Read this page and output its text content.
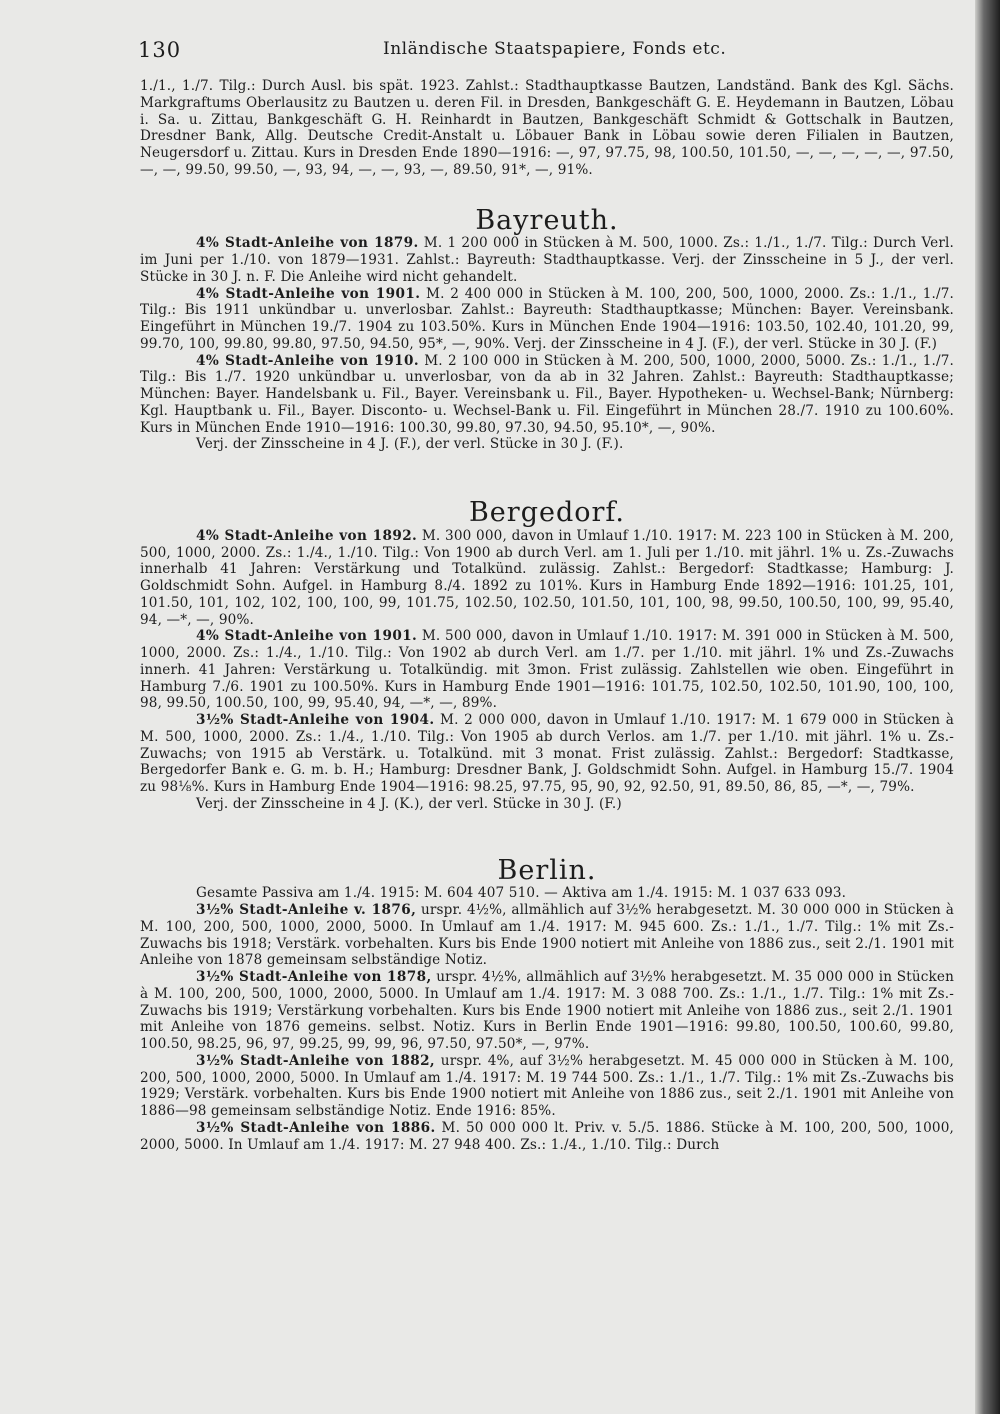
130	Inländische Staatspapiere, Fonds etc.

1./1., 1./7. Tilg.: Durch Ausl. bis spät. 1923. Zahlst.: Stadthauptkasse Bautzen, Landständ. Bank des Kgl. Sächs. Markgraftums Oberlausitz zu Bautzen u. deren Fil. in Dresden, Bankgeschäft G. E. Heydemann in Bautzen, Löbau i. Sa. u. Zittau, Bankgeschäft G. H. Reinhardt in Bautzen, Bankgeschäft Schmidt & Gottschalk in Bautzen, Dresdner Bank, Allg. Deutsche Credit-Anstalt u. Löbauer Bank in Löbau sowie deren Filialen in Bautzen, Neugersdorf u. Zittau. Kurs in Dresden Ende 1890—1916: —, 97, 97.75, 98, 100.50, 101.50, —, —, —, —, —, 97.50, —, —, 99.50, 99.50, —, 93, 94, —, —, 93, —, 89.50, 91*, —, 91%.

Bayreuth.

4% Stadt-Anleihe von 1879. M. 1 200 000 in Stücken à M. 500, 1000. Zs.: 1./1., 1./7. Tilg.: Durch Verl. im Juni per 1./10. von 1879—1931. Zahlst.: Bayreuth: Stadthauptkasse. Verj. der Zinsscheine in 5 J., der verl. Stücke in 30 J. n. F. Die Anleihe wird nicht gehandelt.

4% Stadt-Anleihe von 1901. M. 2 400 000 in Stücken à M. 100, 200, 500, 1000, 2000. Zs.: 1./1., 1./7. Tilg.: Bis 1911 unkündbar u. unverlosbar. Zahlst.: Bayreuth: Stadthauptkasse; München: Bayer. Vereinsbank. Eingeführt in München 19./7. 1904 zu 103.50%. Kurs in München Ende 1904—1916: 103.50, 102.40, 101.20, 99, 99.70, 100, 99.80, 99.80, 97.50, 94.50, 95*, —, 90%. Verj. der Zinsscheine in 4 J. (F.), der verl. Stücke in 30 J. (F.)

4% Stadt-Anleihe von 1910. M. 2 100 000 in Stücken à M. 200, 500, 1000, 2000, 5000. Zs.: 1./1., 1./7. Tilg.: Bis 1./7. 1920 unkündbar u. unverlosbar, von da ab in 32 Jahren. Zahlst.: Bayreuth: Stadthauptkasse; München: Bayer. Handelsbank u. Fil., Bayer. Vereinsbank u. Fil., Bayer. Hypotheken- u. Wechsel-Bank; Nürnberg: Kgl. Hauptbank u. Fil., Bayer. Disconto- u. Wechsel-Bank u. Fil. Eingeführt in München 28./7. 1910 zu 100.60%. Kurs in München Ende 1910—1916: 100.30, 99.80, 97.30, 94.50, 95.10*, —, 90%.

Verj. der Zinsscheine in 4 J. (F.), der verl. Stücke in 30 J. (F.).

Bergedorf.

4% Stadt-Anleihe von 1892. M. 300 000, davon in Umlauf 1./10. 1917: M. 223 100 in Stücken à M. 200, 500, 1000, 2000. Zs.: 1./4., 1./10. Tilg.: Von 1900 ab durch Verl. am 1. Juli per 1./10. mit jährl. 1% u. Zs.-Zuwachs innerhalb 41 Jahren: Verstärkung und Totalkünd. zulässig. Zahlst.: Bergedorf: Stadtkasse; Hamburg: J. Goldschmidt Sohn. Aufgel. in Hamburg 8./4. 1892 zu 101%. Kurs in Hamburg Ende 1892—1916: 101.25, 101, 101.50, 101, 102, 102, 100, 100, 99, 101.75, 102.50, 102.50, 101.50, 101, 100, 98, 99.50, 100.50, 100, 99, 95.40, 94, —*, —, 90%.

4% Stadt-Anleihe von 1901. M. 500 000, davon in Umlauf 1./10. 1917: M. 391 000 in Stücken à M. 500, 1000, 2000. Zs.: 1./4., 1./10. Tilg.: Von 1902 ab durch Verl. am 1./7. per 1./10. mit jährl. 1% und Zs.-Zuwachs innerh. 41 Jahren: Verstärkung u. Totalkündig. mit 3mon. Frist zulässig. Zahlstellen wie oben. Eingeführt in Hamburg 7./6. 1901 zu 100.50%. Kurs in Hamburg Ende 1901—1916: 101.75, 102.50, 102.50, 101.90, 100, 100, 98, 99.50, 100.50, 100, 99, 95.40, 94, —*, —, 89%.

3½% Stadt-Anleihe von 1904. M. 2 000 000, davon in Umlauf 1./10. 1917: M. 1 679 000 in Stücken à M. 500, 1000, 2000. Zs.: 1./4., 1./10. Tilg.: Von 1905 ab durch Verlos. am 1./7. per 1./10. mit jährl. 1% u. Zs.-Zuwachs; von 1915 ab Verstärk. u. Totalkünd. mit 3 monat. Frist zulässig. Zahlst.: Bergedorf: Stadtkasse, Bergedorfer Bank e. G. m. b. H.; Hamburg: Dresdner Bank, J. Goldschmidt Sohn. Aufgel. in Hamburg 15./7. 1904 zu 98⅛%. Kurs in Hamburg Ende 1904—1916: 98.25, 97.75, 95, 90, 92, 92.50, 91, 89.50, 86, 85, —*, —, 79%.

Verj. der Zinsscheine in 4 J. (K.), der verl. Stücke in 30 J. (F.)

Berlin.

Gesamte Passiva am 1./4. 1915: M. 604 407 510. — Aktiva am 1./4. 1915: M. 1 037 633 093.

3½% Stadt-Anleihe v. 1876, urspr. 4½%, allmählich auf 3½% herabgesetzt. M. 30 000 000 in Stücken à M. 100, 200, 500, 1000, 2000, 5000. In Umlauf am 1./4. 1917: M. 945 600. Zs.: 1./1., 1./7. Tilg.: 1% mit Zs.-Zuwachs bis 1918; Verstärk. vorbehalten. Kurs bis Ende 1900 notiert mit Anleihe von 1886 zus., seit 2./1. 1901 mit Anleihe von 1878 gemeinsam selbständige Notiz.

3½% Stadt-Anleihe von 1878, urspr. 4½%, allmählich auf 3½% herabgesetzt. M. 35 000 000 in Stücken à M. 100, 200, 500, 1000, 2000, 5000. In Umlauf am 1./4. 1917: M. 3 088 700. Zs.: 1./1., 1./7. Tilg.: 1% mit Zs.-Zuwachs bis 1919; Verstärkung vorbehalten. Kurs bis Ende 1900 notiert mit Anleihe von 1886 zus., seit 2./1. 1901 mit Anleihe von 1876 gemeins. selbst. Notiz. Kurs in Berlin Ende 1901—1916: 99.80, 100.50, 100.60, 99.80, 100.50, 98.25, 96, 97, 99.25, 99, 99, 96, 97.50, 97.50*, —, 97%.

3½% Stadt-Anleihe von 1882, urspr. 4%, auf 3½% herabgesetzt. M. 45 000 000 in Stücken à M. 100, 200, 500, 1000, 2000, 5000. In Umlauf am 1./4. 1917: M. 19 744 500. Zs.: 1./1., 1./7. Tilg.: 1% mit Zs.-Zuwachs bis 1929; Verstärk. vorbehalten. Kurs bis Ende 1900 notiert mit Anleihe von 1886 zus., seit 2./1. 1901 mit Anleihe von 1886—98 gemeinsam selbständige Notiz. Ende 1916: 85%.

3½% Stadt-Anleihe von 1886. M. 50 000 000 lt. Priv. v. 5./5. 1886. Stücke à M. 100, 200, 500, 1000, 2000, 5000. In Umlauf am 1./4. 1917: M. 27 948 400. Zs.: 1./4., 1./10. Tilg.: Durch
